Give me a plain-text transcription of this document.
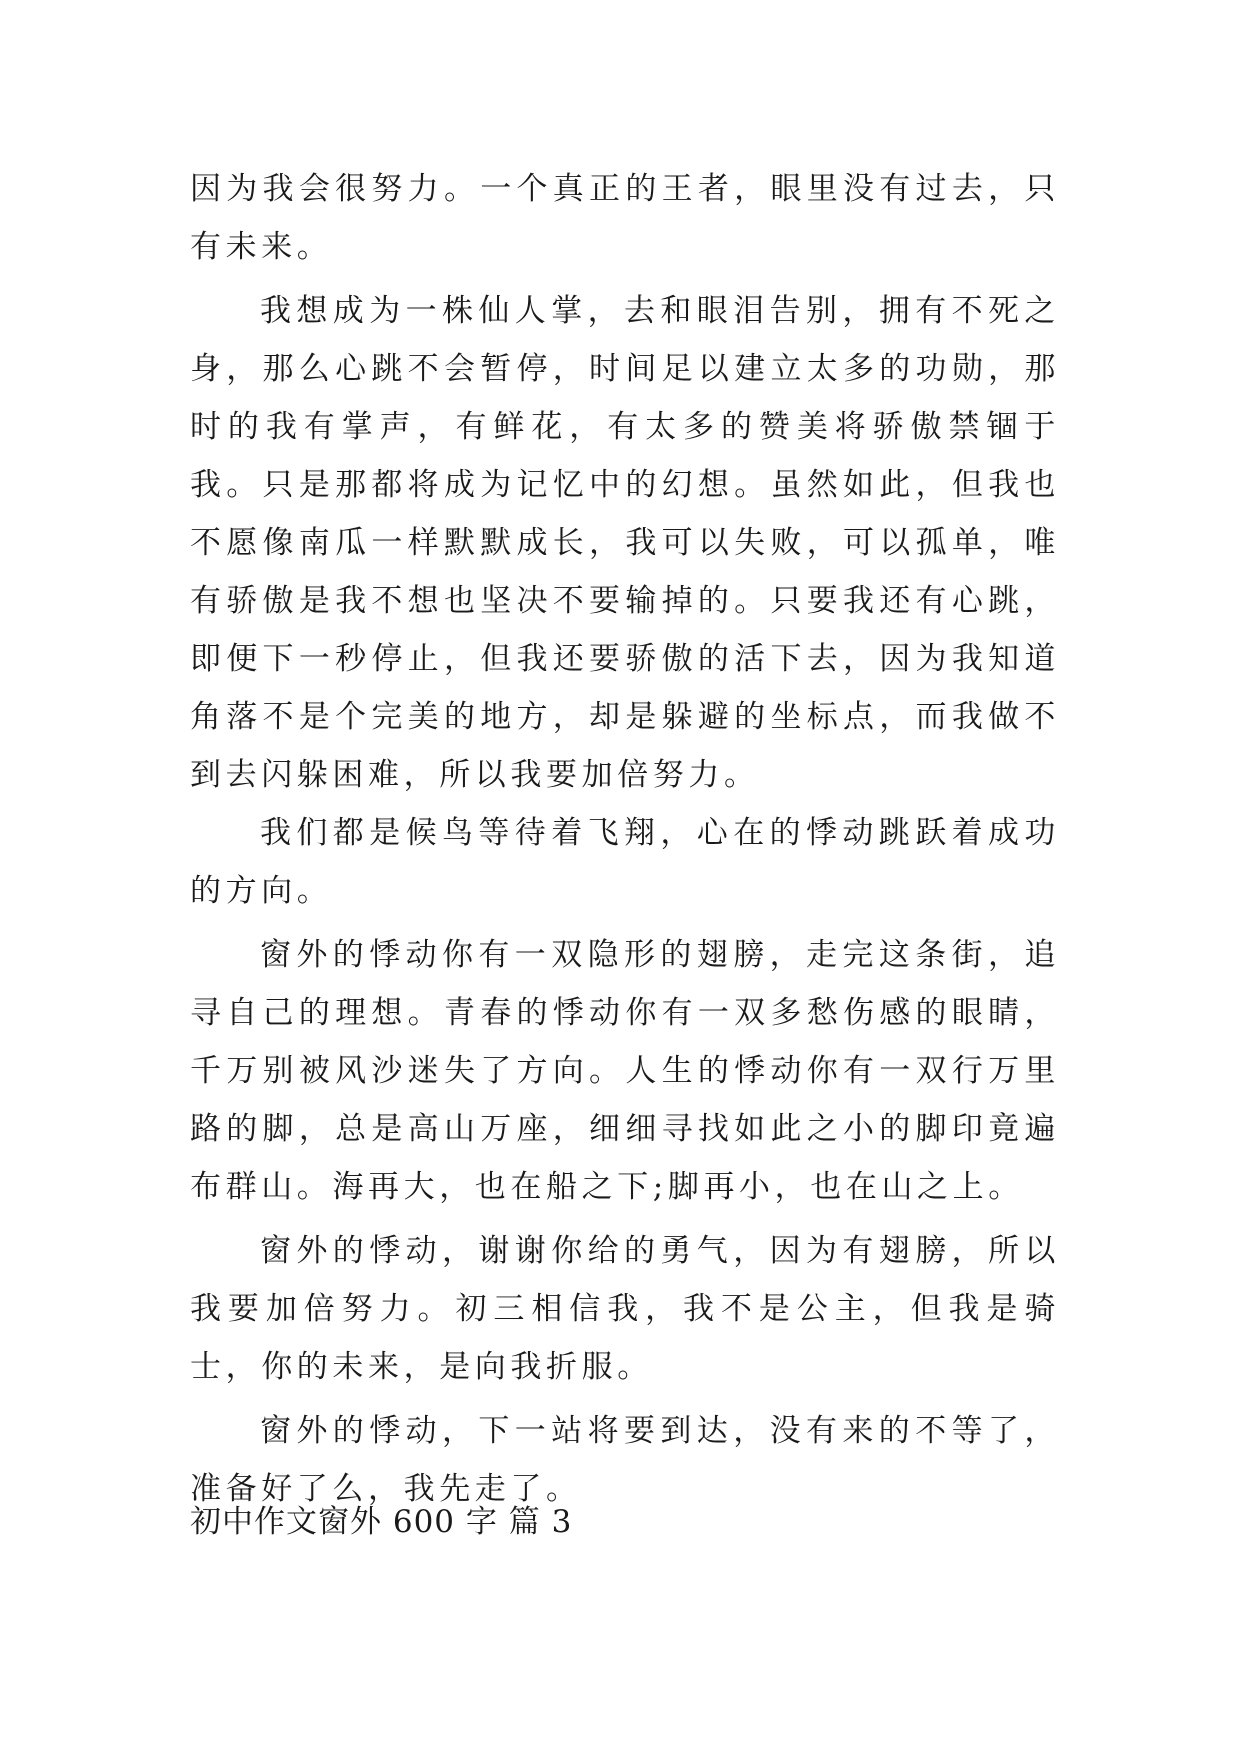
因为我会很努力。一个真正的王者，眼里没有过去，只有未来。

我想成为一株仙人掌，去和眼泪告别，拥有不死之身，那么心跳不会暂停，时间足以建立太多的功勋，那时的我有掌声，有鲜花，有太多的赞美将骄傲禁锢于我。只是那都将成为记忆中的幻想。虽然如此，但我也不愿像南瓜一样默默成长，我可以失败，可以孤单，唯有骄傲是我不想也坚决不要输掉的。只要我还有心跳，即便下一秒停止，但我还要骄傲的活下去，因为我知道角落不是个完美的地方，却是躲避的坐标点，而我做不到去闪躲困难，所以我要加倍努力。

我们都是候鸟等待着飞翔，心在的悸动跳跃着成功的方向。

窗外的悸动你有一双隐形的翅膀，走完这条街，追寻自己的理想。青春的悸动你有一双多愁伤感的眼睛，千万别被风沙迷失了方向。人生的悸动你有一双行万里路的脚，总是高山万座，细细寻找如此之小的脚印竟遍布群山。海再大，也在船之下;脚再小，也在山之上。

窗外的悸动，谢谢你给的勇气，因为有翅膀，所以我要加倍努力。初三相信我，我不是公主，但我是骑士，你的未来，是向我折服。

窗外的悸动，下一站将要到达，没有来的不等了，准备好了么，我先走了。

初中作文窗外 600 字 篇 3
